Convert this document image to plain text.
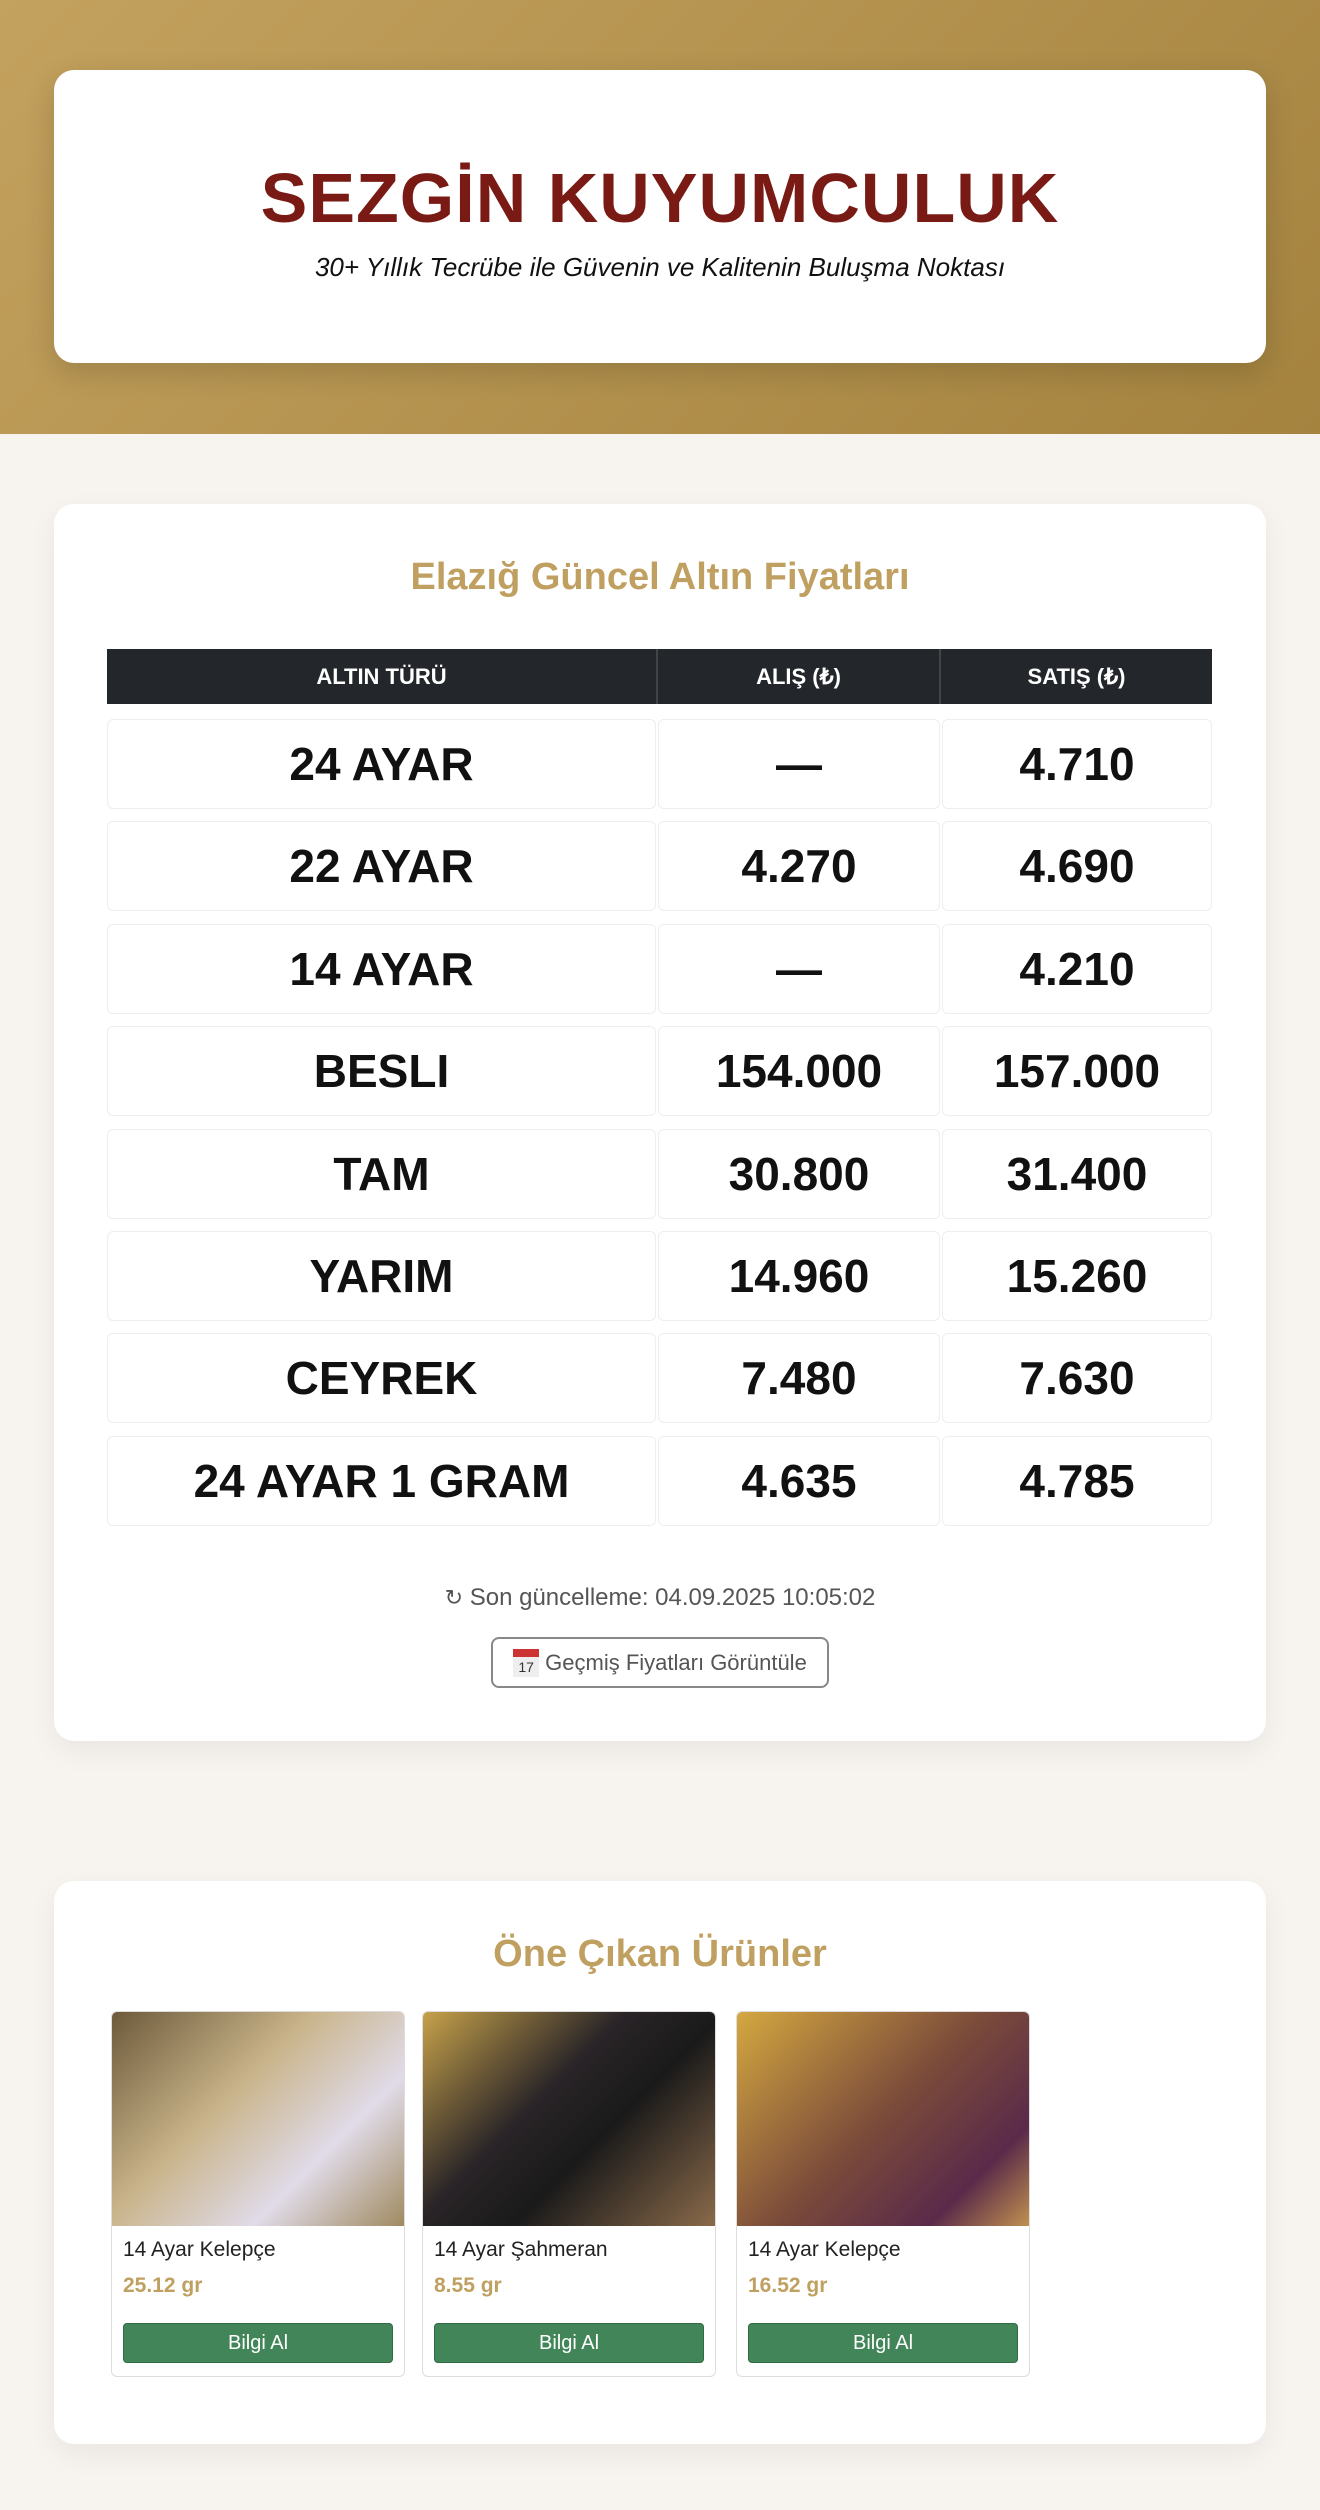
SEZGİN KUYUMCULUK
30+ Yıllık Tecrübe ile Güvenin ve Kalitenin Buluşma Noktası
Elazığ Güncel Altın Fiyatları
ALTIN TÜRÜ	ALIŞ (₺)	SATIŞ (₺)
24 AYAR	—	4.710
22 AYAR	4.270	4.690
14 AYAR	—	4.210
BESLI	154.000	157.000
TAM	30.800	31.400
YARIM	14.960	15.260
CEYREK	7.480	7.630
24 AYAR 1 GRAM	4.635	4.785
↻ Son güncelleme: 04.09.2025 10:05:02
17 Geçmiş Fiyatları Görüntüle
Öne Çıkan Ürünler
14 Ayar Kelepçe
25.12 gr
Bilgi Al
14 Ayar Şahmeran
8.55 gr
Bilgi Al
14 Ayar Kelepçe
16.52 gr
Bilgi Al
